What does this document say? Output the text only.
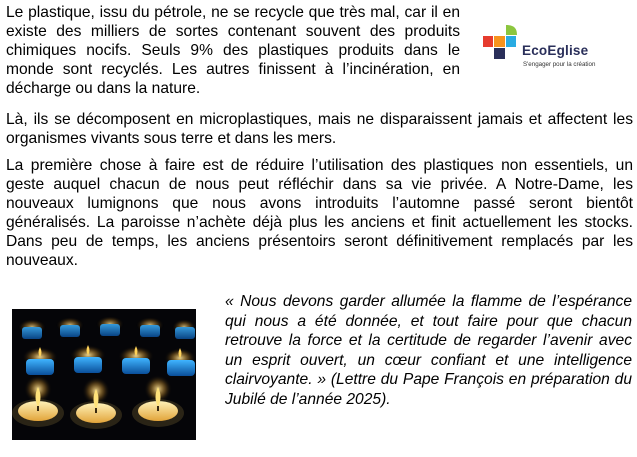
Le plastique, issu du pétrole, ne se recycle que très mal, car il en existe des milliers de sortes contenant souvent des produits chimiques nocifs. Seuls 9% des plastiques produits dans le monde sont recyclés. Les autres finissent à l’incinération, en décharge ou dans la nature.

Là, ils se décomposent en microplastiques, mais ne disparaissent jamais et affectent les organismes vivants sous terre et dans les mers.

La première chose à faire est de réduire l’utilisation des plastiques non essentiels, un geste auquel chacun de nous peut réfléchir dans sa vie privée. A Notre-Dame, les nouveaux lumignons que nous avons introduits l’automne passé seront bientôt généralisés. La paroisse n’achète déjà plus les anciens et finit actuellement les stocks. Dans peu de temps, les anciens présentoirs seront définitivement remplacés par les nouveaux.

EcoEglise
S'engager pour la création

« Nous devons garder allumée la flamme de l’espérance qui nous a été donnée, et tout faire pour que chacun retrouve la force et la certitude de regarder l’avenir avec un esprit ouvert, un cœur confiant et une intelligence clairvoyante. » (Lettre du Pape François en préparation du Jubilé de l’année 2025).
